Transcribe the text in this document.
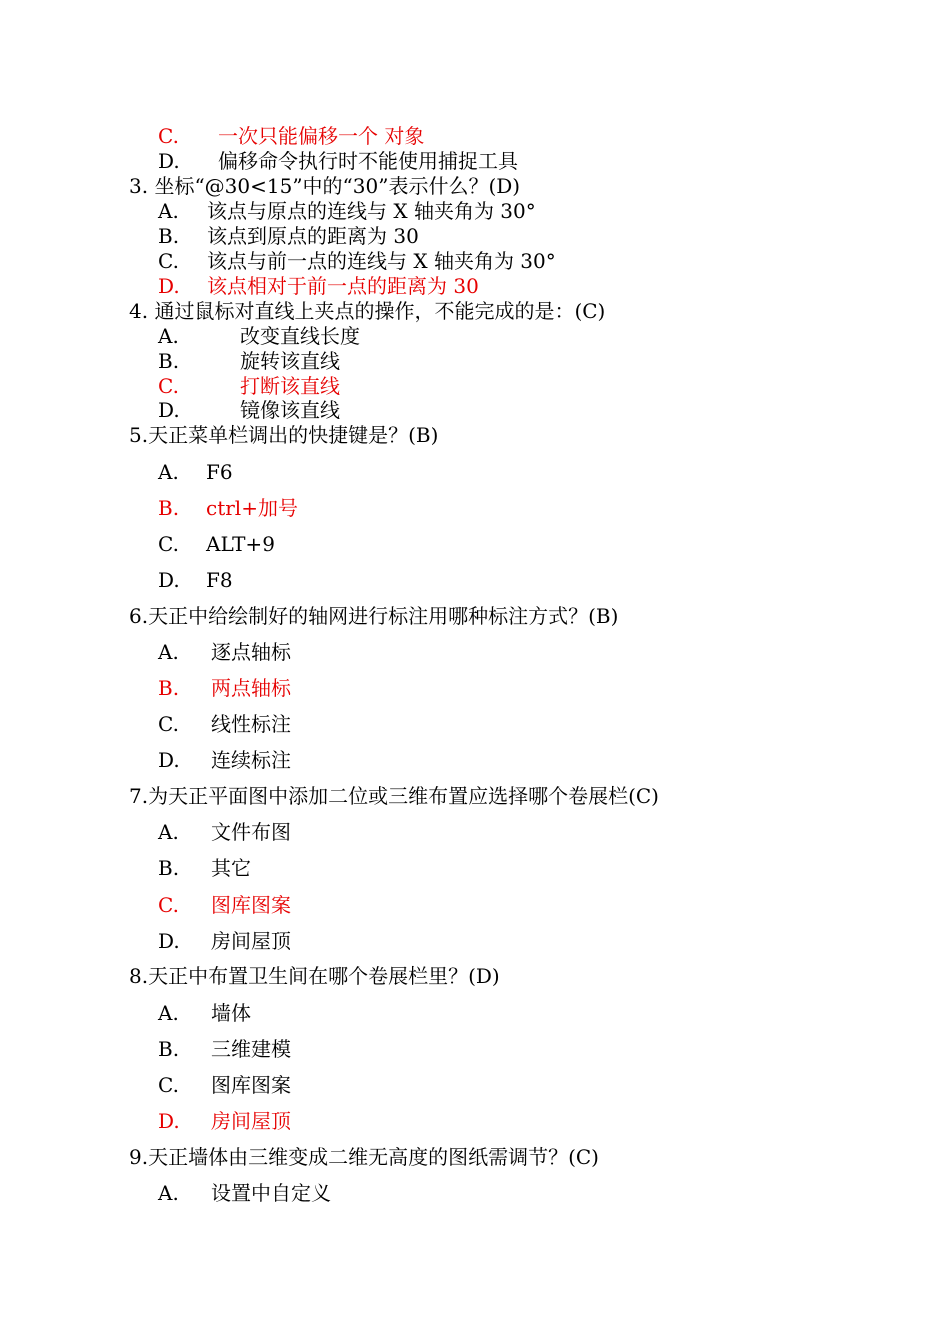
C. 一次只能偏移一个 对象
D. 偏移命令执行时不能使用捕捉工具
3. 坐标“@30<15”中的“30”表示什么？(D)
A. 该点与原点的连线与 X 轴夹角为 30°
B. 该点到原点的距离为 30
C. 该点与前一点的连线与 X 轴夹角为 30°
D. 该点相对于前一点的距离为 30
4. 通过鼠标对直线上夹点的操作，不能完成的是：(C)
A.	改变直线长度
B.	旋转该直线
C.	打断该直线
D.	镜像该直线
5.天正菜单栏调出的快捷键是？(B)
A. F6
B. ctrl+加号
C. ALT+9
D. F8
6.天正中给绘制好的轴网进行标注用哪种标注方式？(B)
A. 逐点轴标
B. 两点轴标
C. 线性标注
D. 连续标注
7.为天正平面图中添加二位或三维布置应选择哪个卷展栏(C)
A. 文件布图
B. 其它
C. 图库图案
D. 房间屋顶
8.天正中布置卫生间在哪个卷展栏里？(D)
A. 墙体
B. 三维建模
C. 图库图案
D. 房间屋顶
9.天正墙体由三维变成二维无高度的图纸需调节？(C)
A. 设置中自定义
